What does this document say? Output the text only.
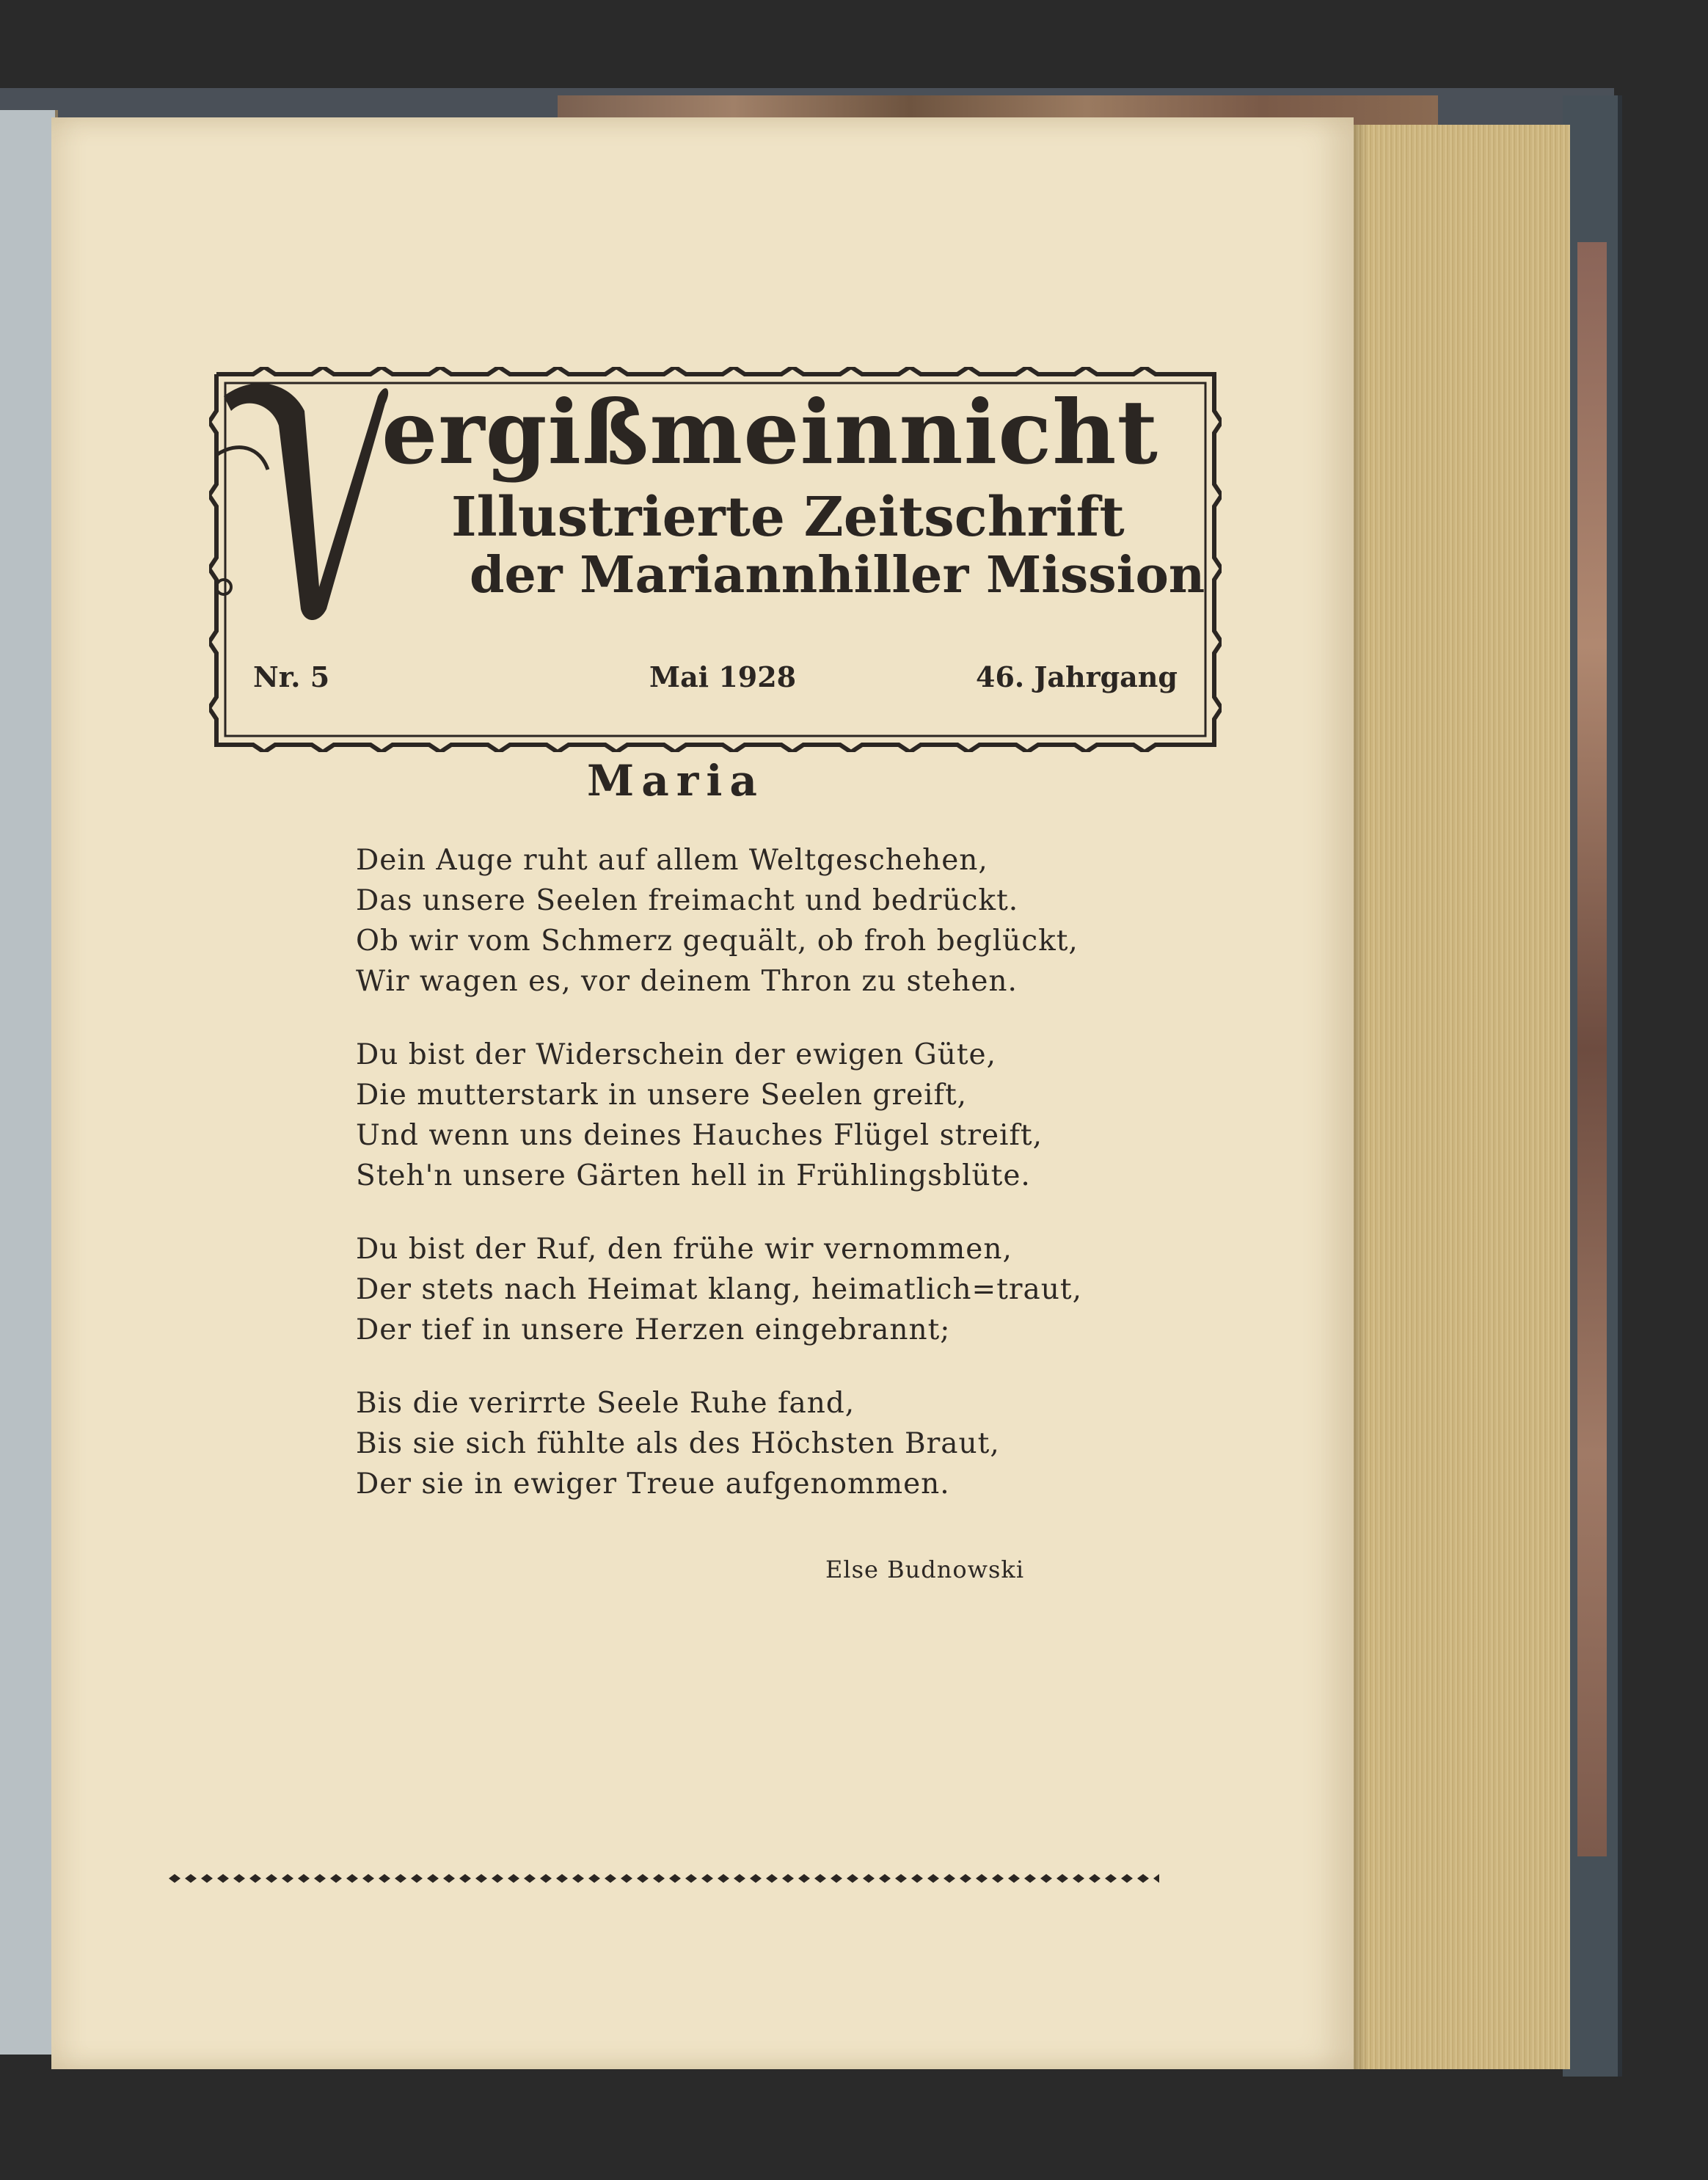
ergißmeinnicht
Illustrierte Zeitschrift
der Mariannhiller Mission
Nr. 5	Mai 1928	46. Jahrgang
Maria
Dein Auge ruht auf allem Weltgeschehen,
Das unsere Seelen freimacht und bedrückt.
Ob wir vom Schmerz gequält, ob froh beglückt,
Wir wagen es, vor deinem Thron zu stehen.
Du bist der Widerschein der ewigen Güte,
Die mutterstark in unsere Seelen greift,
Und wenn uns deines Hauches Flügel streift,
Steh'n unsere Gärten hell in Frühlingsblüte.
Du bist der Ruf, den frühe wir vernommen,
Der stets nach Heimat klang, heimatlich=traut,
Der tief in unsere Herzen eingebrannt;
Bis die verirrte Seele Ruhe fand,
Bis sie sich fühlte als des Höchsten Braut,
Der sie in ewiger Treue aufgenommen.
Else Budnowski
